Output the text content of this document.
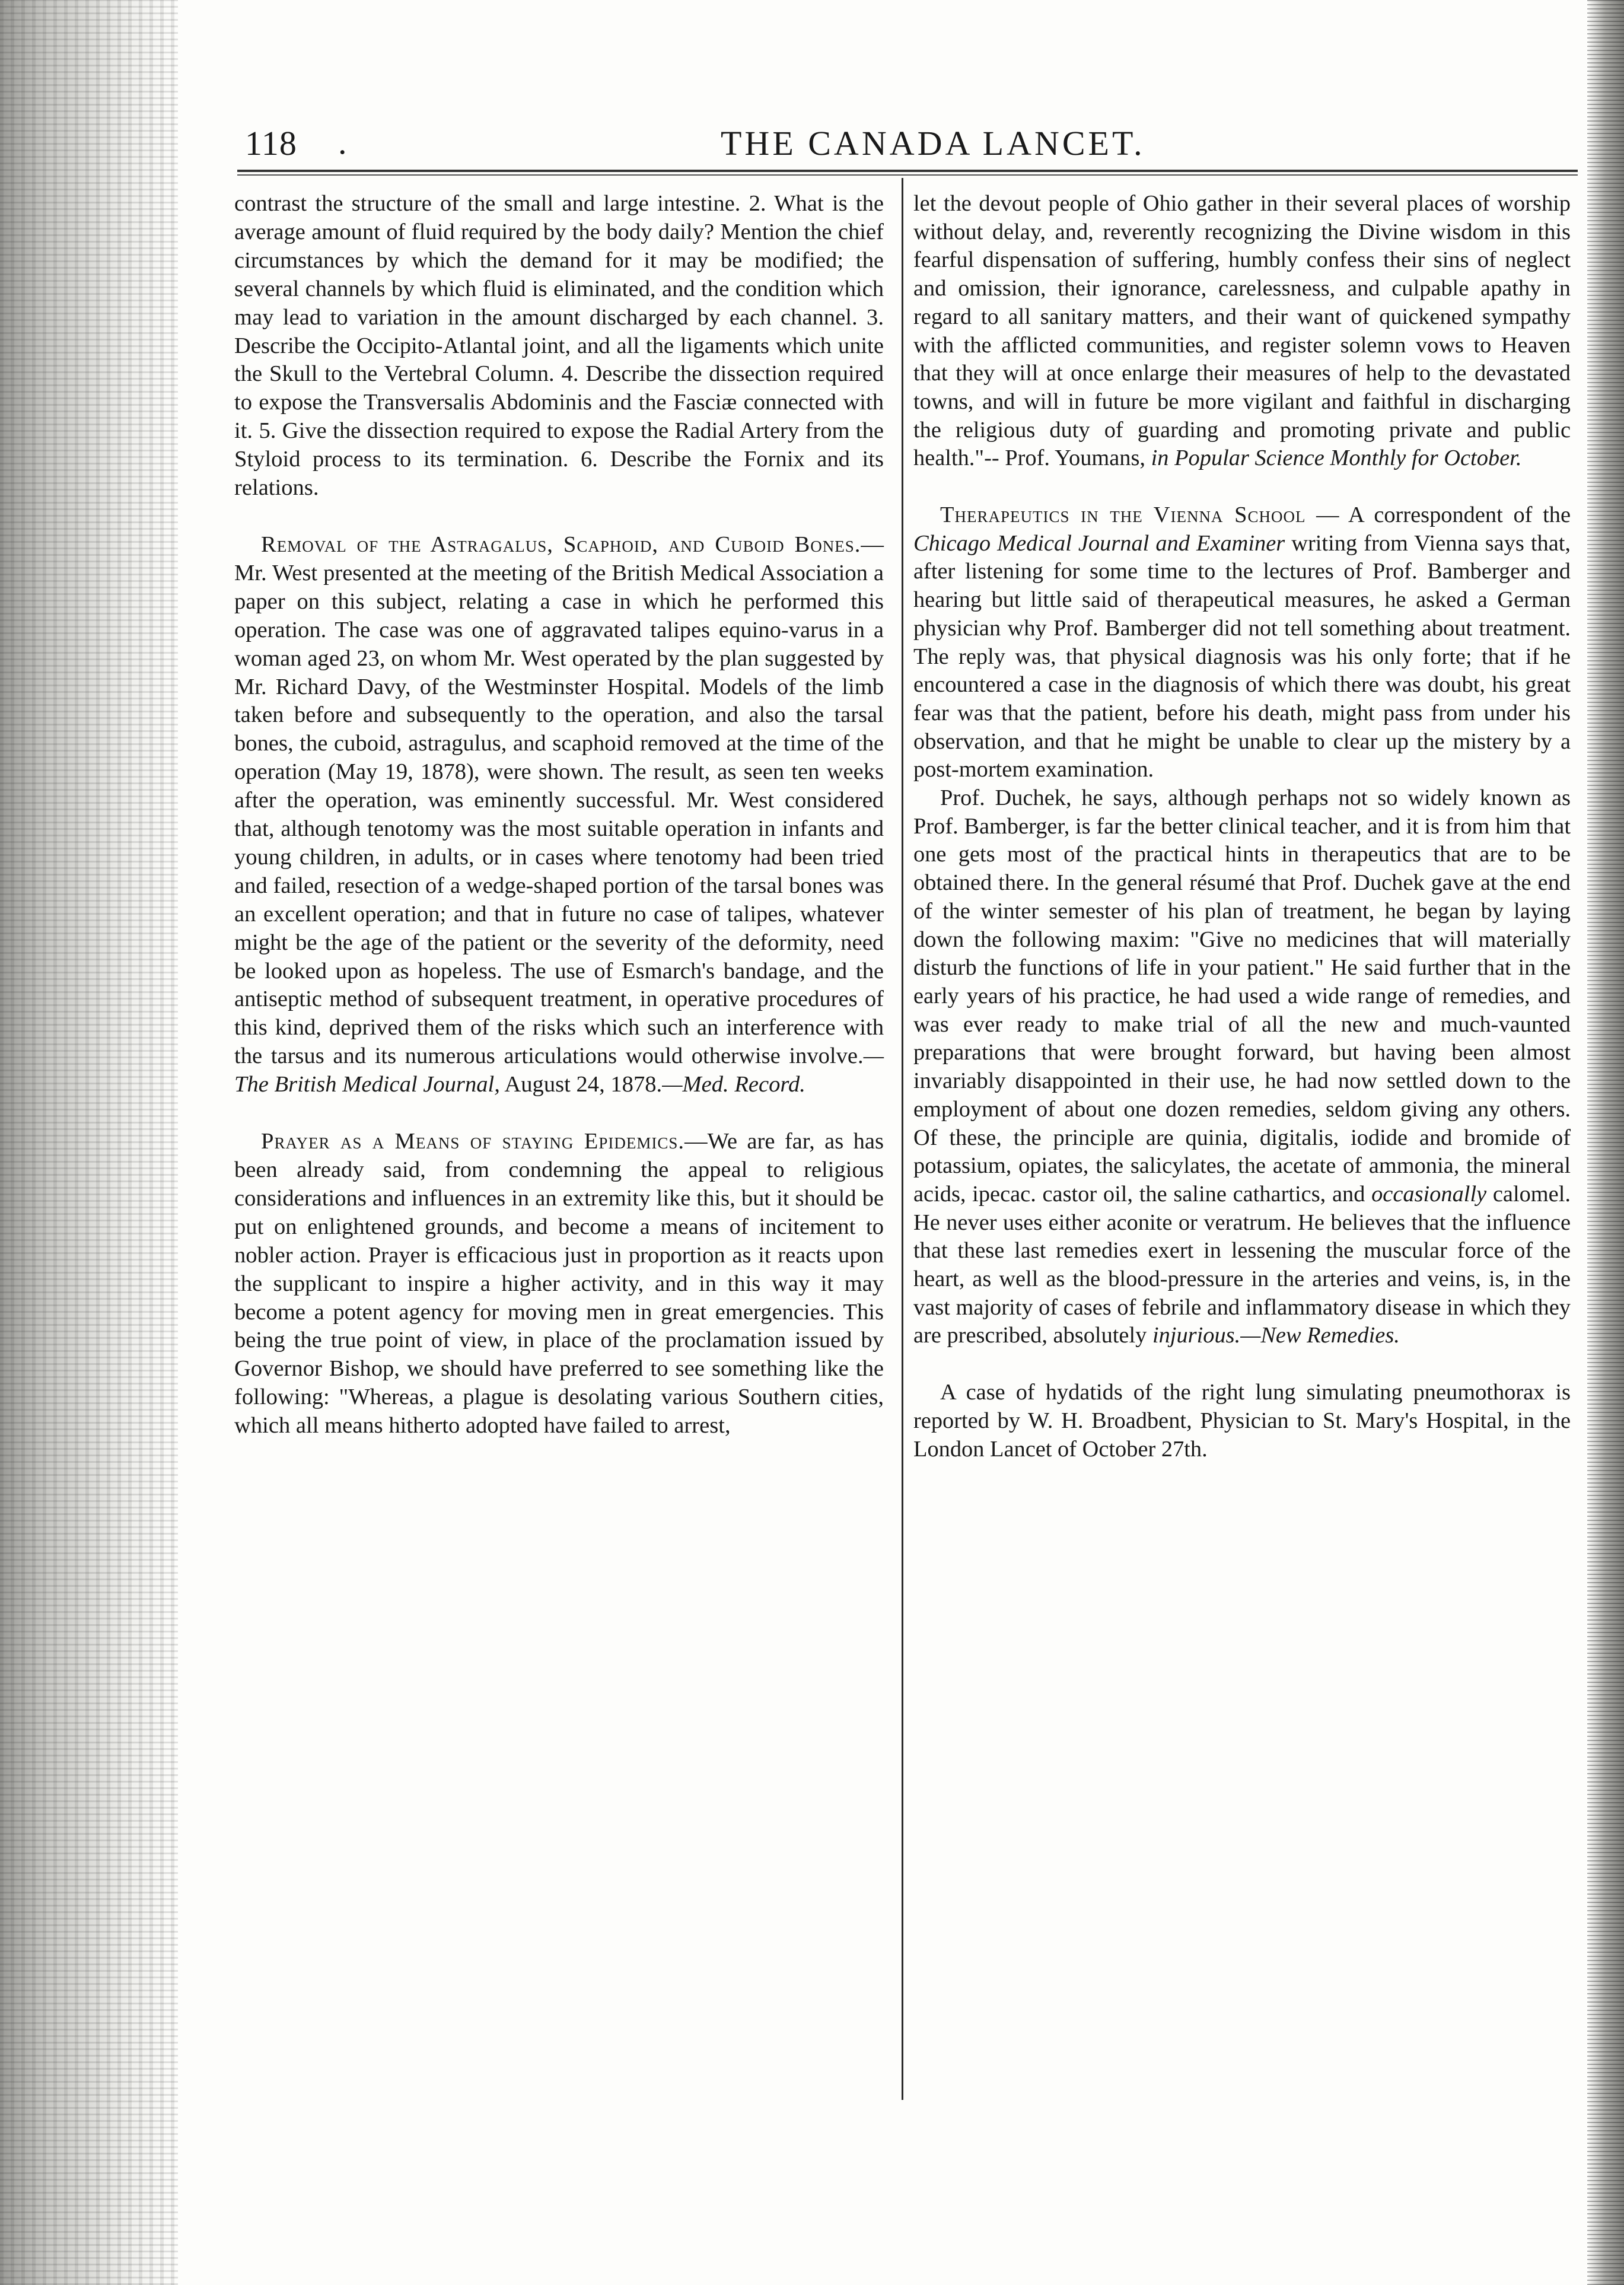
118 .	THE CANADA LANCET.

contrast the structure of the small and large intestine. 2. What is the average amount of fluid required by the body daily? Mention the chief circumstances by which the demand for it may be modified; the several channels by which fluid is eliminated, and the condition which may lead to variation in the amount discharged by each channel. 3. Describe the Occipito-Atlantal joint, and all the ligaments which unite the Skull to the Vertebral Column. 4. Describe the dissection required to expose the Transversalis Abdominis and the Fasciæ connected with it. 5. Give the dissection required to expose the Radial Artery from the Styloid process to its termination. 6. Describe the Fornix and its relations.

Removal of the Astragalus, Scaphoid, and Cuboid Bones.—Mr. West presented at the meeting of the British Medical Association a paper on this subject, relating a case in which he performed this operation. The case was one of aggravated talipes equino-varus in a woman aged 23, on whom Mr. West operated by the plan suggested by Mr. Richard Davy, of the Westminster Hospital. Models of the limb taken before and subsequently to the operation, and also the tarsal bones, the cuboid, astragulus, and scaphoid removed at the time of the operation (May 19, 1878), were shown. The result, as seen ten weeks after the operation, was eminently successful. Mr. West considered that, although tenotomy was the most suitable operation in infants and young children, in adults, or in cases where tenotomy had been tried and failed, resection of a wedge-shaped portion of the tarsal bones was an excellent operation; and that in future no case of talipes, whatever might be the age of the patient or the severity of the deformity, need be looked upon as hopeless. The use of Esmarch's bandage, and the antiseptic method of subsequent treatment, in operative procedures of this kind, deprived them of the risks which such an interference with the tarsus and its numerous articulations would otherwise involve.—The British Medical Journal, August 24, 1878.—Med. Record.

Prayer as a Means of staying Epidemics.—We are far, as has been already said, from condemning the appeal to religious considerations and influences in an extremity like this, but it should be put on enlightened grounds, and become a means of incitement to nobler action. Prayer is efficacious just in proportion as it reacts upon the supplicant to inspire a higher activity, and in this way it may become a potent agency for moving men in great emergencies. This being the true point of view, in place of the proclamation issued by Governor Bishop, we should have preferred to see something like the following: "Whereas, a plague is desolating various Southern cities, which all means hitherto adopted have failed to arrest,

let the devout people of Ohio gather in their several places of worship without delay, and, reverently recognizing the Divine wisdom in this fearful dispensation of suffering, humbly confess their sins of neglect and omission, their ignorance, carelessness, and culpable apathy in regard to all sanitary matters, and their want of quickened sympathy with the afflicted communities, and register solemn vows to Heaven that they will at once enlarge their measures of help to the devastated towns, and will in future be more vigilant and faithful in discharging the religious duty of guarding and promoting private and public health."-- Prof. Youmans, in Popular Science Monthly for October.

Therapeutics in the Vienna School — A correspondent of the Chicago Medical Journal and Examiner writing from Vienna says that, after listening for some time to the lectures of Prof. Bamberger and hearing but little said of therapeutical measures, he asked a German physician why Prof. Bamberger did not tell something about treatment. The reply was, that physical diagnosis was his only forte; that if he encountered a case in the diagnosis of which there was doubt, his great fear was that the patient, before his death, might pass from under his observation, and that he might be unable to clear up the mistery by a post-mortem examination.

Prof. Duchek, he says, although perhaps not so widely known as Prof. Bamberger, is far the better clinical teacher, and it is from him that one gets most of the practical hints in therapeutics that are to be obtained there. In the general résumé that Prof. Duchek gave at the end of the winter semester of his plan of treatment, he began by laying down the following maxim: "Give no medicines that will materially disturb the functions of life in your patient." He said further that in the early years of his practice, he had used a wide range of remedies, and was ever ready to make trial of all the new and much-vaunted preparations that were brought forward, but having been almost invariably disappointed in their use, he had now settled down to the employment of about one dozen remedies, seldom giving any others. Of these, the principle are quinia, digitalis, iodide and bromide of potassium, opiates, the salicylates, the acetate of ammonia, the mineral acids, ipecac. castor oil, the saline cathartics, and occasionally calomel. He never uses either aconite or veratrum. He believes that the influence that these last remedies exert in lessening the muscular force of the heart, as well as the blood-pressure in the arteries and veins, is, in the vast majority of cases of febrile and inflammatory disease in which they are prescribed, absolutely injurious.—New Remedies.

A case of hydatids of the right lung simulating pneumothorax is reported by W. H. Broadbent, Physician to St. Mary's Hospital, in the London Lancet of October 27th.
